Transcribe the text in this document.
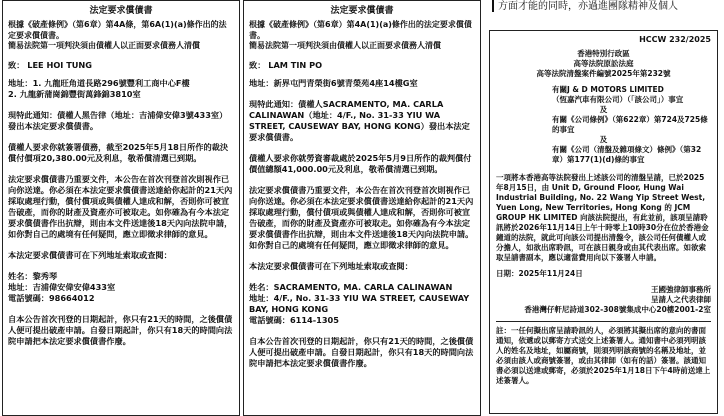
法定要求償債書
根據《破產條例》（第6章）第4A條，第6A(1)(a)條作出的法定要求償債書。
簡易法院第一項判決須由債權人以正面要求債務人清償

致： LEE HOI TUNG

地址：1. 九龍旺角道長路296號豐利工商中心F樓
2. 九龍新蒲崗錦豐街萬鋒錦3810室

現特此通知：債權人黑告律（地址：吉浦偉安偉3號433室）發出本法定要求償債書。

債權人要求你就簽署債務，截至2025年5月18日所作的裁決償付價項20,380.00元及利息，敬希償清選已到期。

法定要求償債書乃重要文件，本公告在首次刊登首次則視作已向你送達。你必須在本法定要求償債書送達給你起計的21天內採取處理行動，償付償項或與債權人達成和解，否則你可被宣告破產，而你的財產及資產亦可被取走。如你確為有今本法定要求償債書作出抗辯，則由本文件送達後18天內向法院申請，如你對自己的處境有任何疑問，應立即徵求律師的意見。

本法定要求償債書可在下列地址索取或查閱：

姓名：黎秀琴
地址：吉浦偉安偉安偉433室

電話號碼：98664012

自本公告首次刊登的日期起計，你只有21天的時間，之後償債人便可提出破產申請。自發日期起計，你只有18天的時間向法院申請把本法定要求償債書作廢。

法定要求償債書
根據《破產條例》（第6章）第4A(1)(a)條作出的法定要求償債書。
簡易法院第一項判決須由債權人以正面要求債務人清償

致： LAM TIN PO

地址：新界屯門青榮街6號青榮苑4座14樓G室

現特此通知：債權人SACRAMENTO, MA. CARLA CALINAWAN（地址：4/F., No. 31-33 YIU WA STREET, CAUSEWAY BAY, HONG KONG）發出本法定要求償債書。

債權人要求你就勞資審裁處於2025年5月9日所作的裁判償付價值總額41,000.00元及利息，敬希償清選已到期。

法定要求償債書乃重要文件，本公告在首次刊登首次則視作已向你送達。你必須在本法定要求償債書送達給你起計的21天內採取處理行動，償付債項或與債權人達成和解，否則你可被宣告破產，而你的財產及資產亦可被取走。如你確為有今本法定要求償債書作出抗辯，則由本文件送達後18天內向法院申請。如你對自己的處境有任何疑問，應立即徵求律師的意見。

本法定要求償債書可在下列地址索取或查閱：

姓名：SACRAMENTO, MA. CARLA CALINAWAN
地址：4/F., No. 31-33 YIU WA STREET, CAUSEWAY BAY, HONG KONG

電話號碼：6114-1305

自本公告首次刊登的日期起計，你只有21天的時間，之後償債人便可提出破產申請。自發日期起計，你只有18天的時間向法院申請把本法定要求償債書作廢。

方面才能的同時，亦過進團隊精神及個人
HCCW 232/2025
香港特別行政區
高等法院原訟法庭
高等法院清盤案件編號2025年第232號
有關J & D MOTORS LIMITED
（恆嘉汽車有限公司）（「該公司」）事宜
及
有關《公司條例》（第622章）第724及725條的事宜
及
有關《公司（清盤及雜項條文）條例》（第32章）第177(1)(d)條的事宜

一項將本香港高等法院發出上述該公司的清盤呈請，已於2025年8月15日，由 Unit D, Ground Floor, Hung Wai Industrial Building, No. 22 Wang Yip Street West, Yuen Long, New Territories, Hong Kong 的 JCM GROUP HK LIMITED 向該法院提出，有此並前，該項呈請聆訊將於2026年11月14日上午十時零上10時30分在位於香港金鐘道的法院，就此可向該公司提出清盤令，該公司任何債權人或分擔人，如欲出席聆訊，可在該日親身或由其代表出席。如欲索取呈請書副本，應以適當費用向以下簽署人申請。

日期：2025年11月24日

王國強律師事務所
呈請人之代表律師
香港灣仔軒尼詩道302-308號集成中心20樓2001-2室

註：一任何擬出席呈請聆訊的人，必須將其擬出席的意向的書面通知，依遞或以郵寄方式送交上述簽署人。通知書中必須列明該人的姓名及地址，如屬商號，則須列明該商號的名稱及地址，並必須由該人或商號簽署，或由其律師（如有的話）簽署。該通知書必須以送達或郵寄，必須於2025年1月18日下午4時前送達上述簽署人。
